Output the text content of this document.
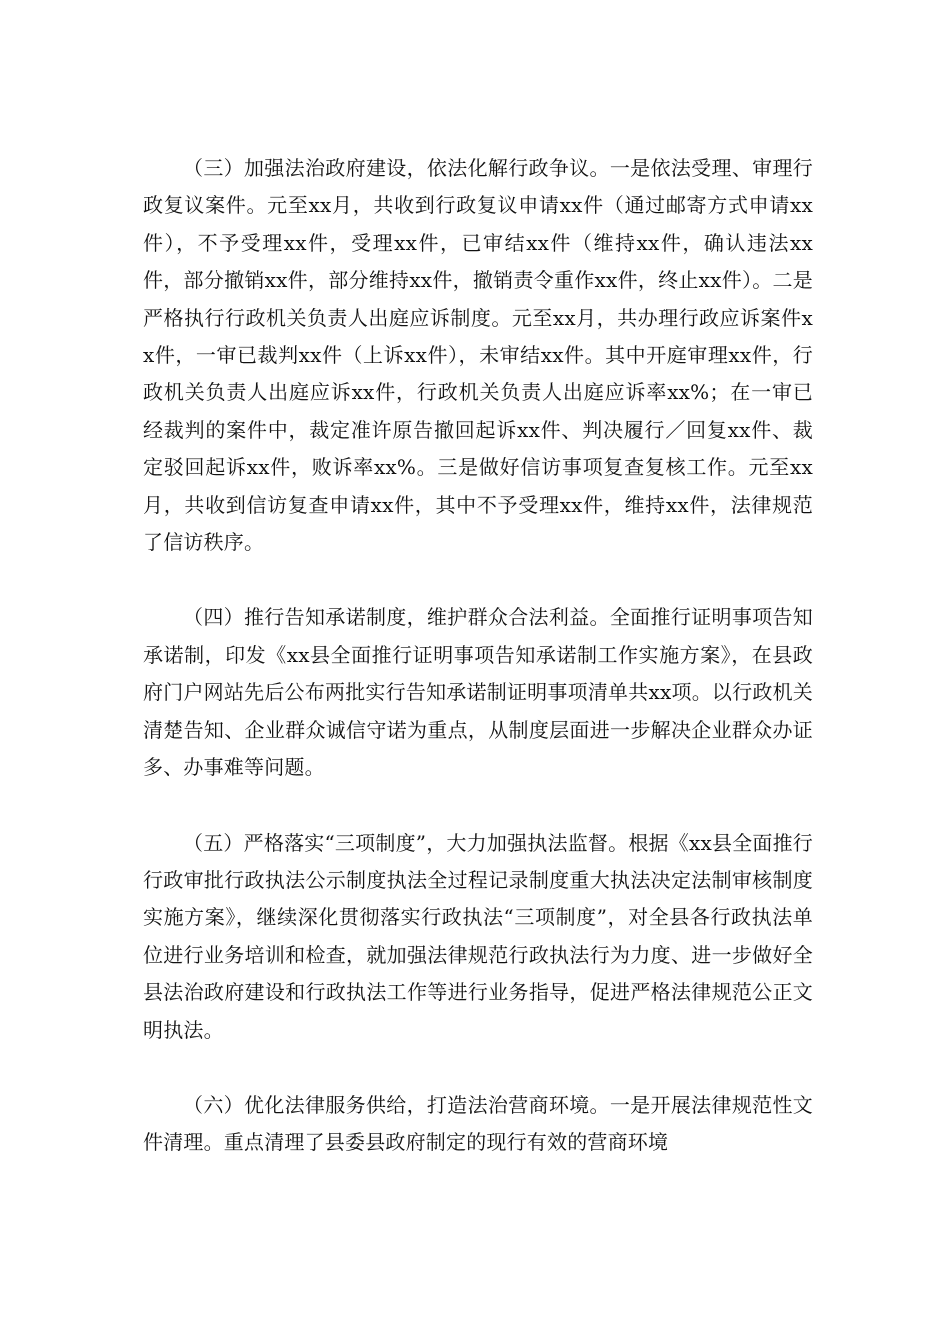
（三）加强法治政府建设，依法化解行政争议。一是依法受理、审理行政复议案件。元至xx月，共收到行政复议申请xx件（通过邮寄方式申请xx件），不予受理xx件，受理xx件，已审结xx件（维持xx件，确认违法xx件，部分撤销xx件，部分维持xx件，撤销责令重作xx件，终止xx件）。二是严格执行行政机关负责人出庭应诉制度。元至xx月，共办理行政应诉案件xx件，一审已裁判xx件（上诉xx件），未审结xx件。其中开庭审理xx件，行政机关负责人出庭应诉xx件，行政机关负责人出庭应诉率xx%；在一审已经裁判的案件中，裁定准许原告撤回起诉xx件、判决履行／回复xx件、裁定驳回起诉xx件，败诉率xx%。三是做好信访事项复查复核工作。元至xx月，共收到信访复查申请xx件，其中不予受理xx件，维持xx件，法律规范了信访秩序。

（四）推行告知承诺制度，维护群众合法利益。全面推行证明事项告知承诺制，印发《xx县全面推行证明事项告知承诺制工作实施方案》，在县政府门户网站先后公布两批实行告知承诺制证明事项清单共xx项。以行政机关清楚告知、企业群众诚信守诺为重点，从制度层面进一步解决企业群众办证多、办事难等问题。

（五）严格落实“三项制度”，大力加强执法监督。根据《xx县全面推行行政审批行政执法公示制度执法全过程记录制度重大执法决定法制审核制度实施方案》，继续深化贯彻落实行政执法“三项制度”，对全县各行政执法单位进行业务培训和检查，就加强法律规范行政执法行为力度、进一步做好全县法治政府建设和行政执法工作等进行业务指导，促进严格法律规范公正文明执法。

（六）优化法律服务供给，打造法治营商环境。一是开展法律规范性文件清理。重点清理了县委县政府制定的现行有效的营商环境
